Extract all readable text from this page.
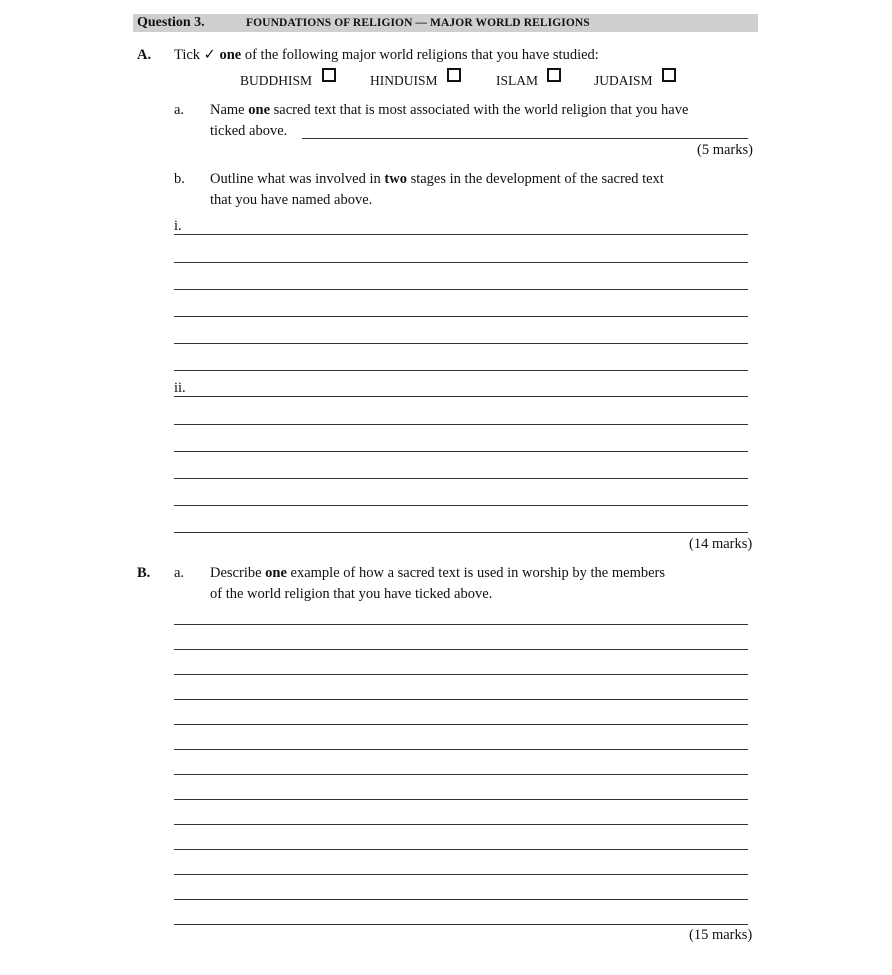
Question 3.	FOUNDATIONS OF RELIGION — MAJOR WORLD RELIGIONS
A. Tick ✓ one of the following major world religions that you have studied:
BUDDHISM	HINDUISM	ISLAM	JUDAISM
a. Name one sacred text that is most associated with the world religion that you have
ticked above.
(5 marks)
b. Outline what was involved in two stages in the development of the sacred text
that you have named above.
i.
ii.
(14 marks)
B. a. Describe one example of how a sacred text is used in worship by the members
of the world religion that you have ticked above.
(15 marks)
